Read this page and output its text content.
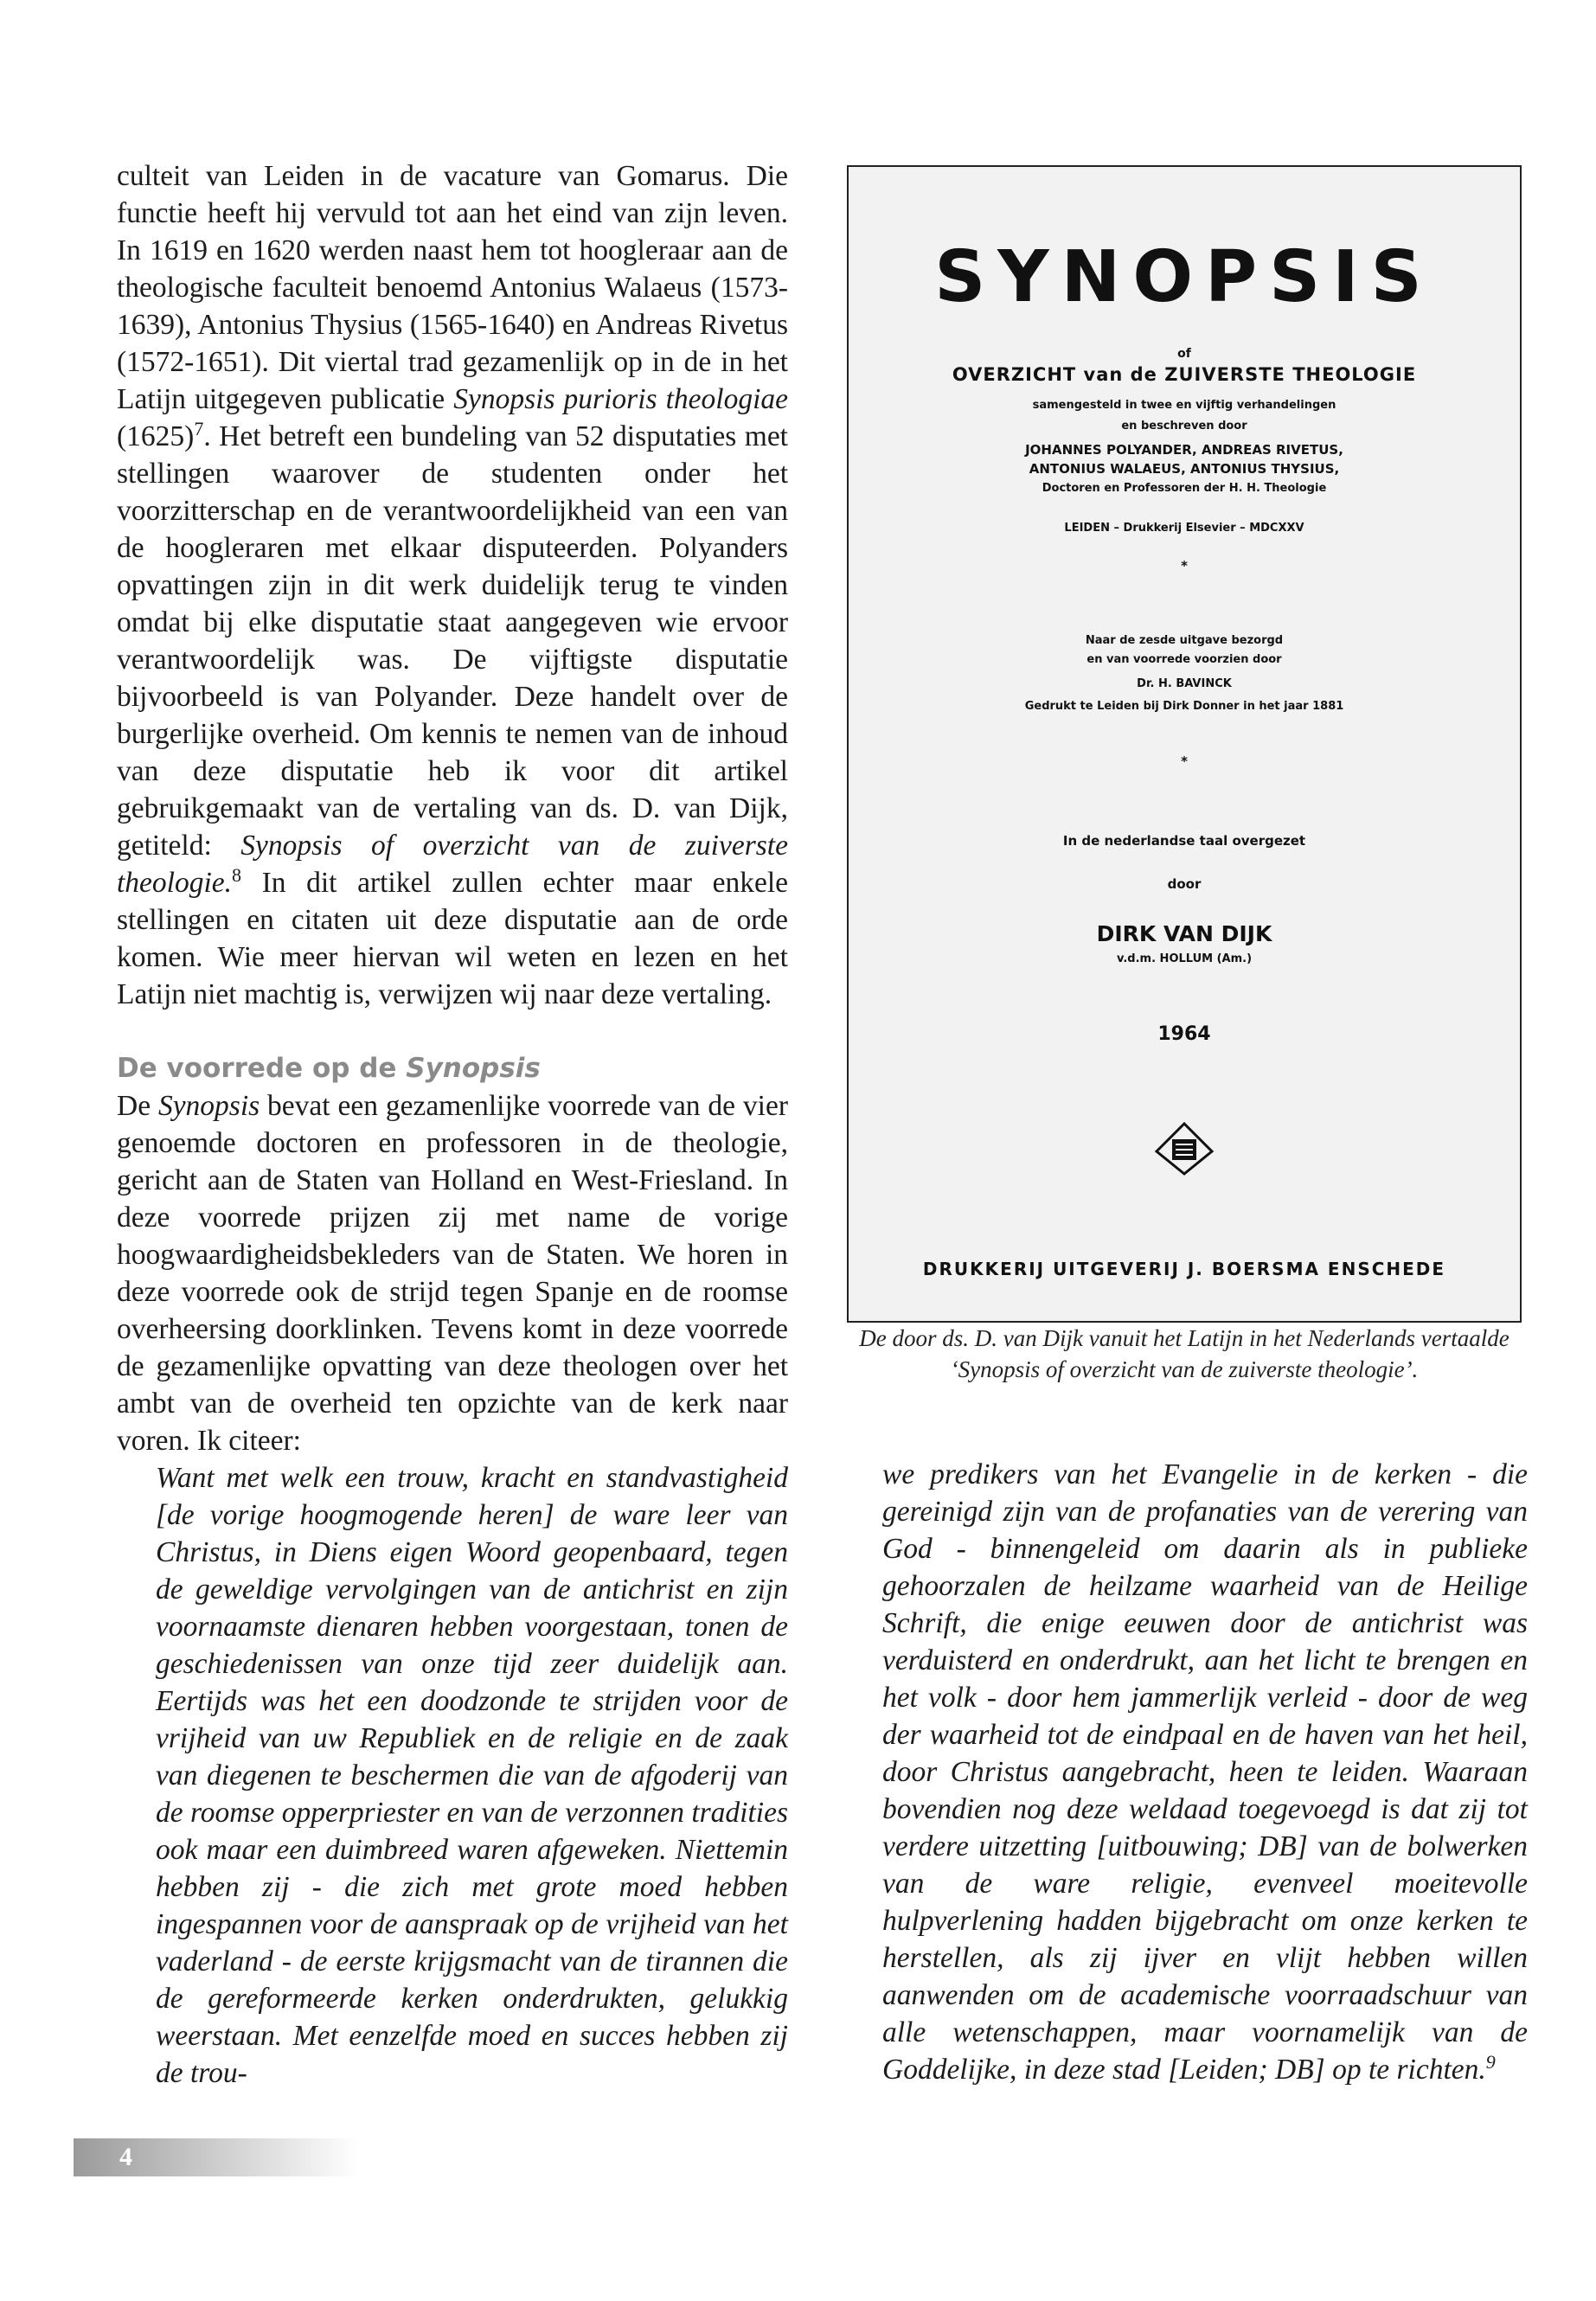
culteit van Leiden in de vacature van Gomarus. Die functie heeft hij vervuld tot aan het eind van zijn leven. In 1619 en 1620 werden naast hem tot hoogleraar aan de theologische faculteit benoemd Antonius Walaeus (1573-1639), Antonius Thysius (1565-1640) en Andreas Rivetus (1572-1651). Dit viertal trad gezamenlijk op in de in het Latijn uitgegeven publicatie Synopsis purioris theologiae $(1625)^7$. Het betreft een bundeling van 52 disputaties met stellingen waarover de studenten onder het voorzitterschap en de verantwoordelijkheid van een van de hoogleraren met elkaar disputeerden. Polyanders opvattingen zijn in dit werk duidelijk terug te vinden omdat bij elke disputatie staat aangegeven wie ervoor verantwoordelijk was. De vijftigste disputatie bijvoorbeeld is van Polyander. Deze handelt over de burgerlijke overheid. Om kennis te nemen van de inhoud van deze disputatie heb ik voor dit artikel gebruikgemaakt van de vertaling van ds. D. van Dijk, getiteld: Synopsis of overzicht van de zuiverste theologie.$^8$ In dit artikel zullen echter maar enkele stellingen en citaten uit deze disputatie aan de orde komen. Wie meer hiervan wil weten en lezen en het Latijn niet machtig is, verwijzen wij naar deze vertaling.

De voorrede op de Synopsis

De Synopsis bevat een gezamenlijke voorrede van de vier genoemde doctoren en professoren in de theologie, gericht aan de Staten van Holland en West-Friesland. In deze voorrede prijzen zij met name de vorige hoogwaardigheidsbekleders van de Staten. We horen in deze voorrede ook de strijd tegen Spanje en de roomse overheersing doorklinken. Tevens komt in deze voorrede de gezamenlijke opvatting van deze theologen over het ambt van de overheid ten opzichte van de kerk naar voren. Ik citeer:

Want met welk een trouw, kracht en standvastigheid [de vorige hoogmogende heren] de ware leer van Christus, in Diens eigen Woord geopenbaard, tegen de geweldige vervolgingen van de antichrist en zijn voornaamste dienaren hebben voorgestaan, tonen de geschiedenissen van onze tijd zeer duidelijk aan. Eertijds was het een doodzonde te strijden voor de vrijheid van uw Republiek en de religie en de zaak van diegenen te beschermen die van de afgoderij van de roomse opperpriester en van de verzonnen tradities ook maar een duimbreed waren afgeweken. Niettemin hebben zij - die zich met grote moed hebben ingespannen voor de aanspraak op de vrijheid van het vaderland - de eerste krijgsmacht van de tirannen die de gereformeerde kerken onderdrukten, gelukkig weerstaan. Met eenzelfde moed en succes hebben zij de trou-

SYNOPSIS
of
OVERZICHT van de ZUIVERSTE THEOLOGIE
samengesteld in twee en vijftig verhandelingen
en beschreven door
JOHANNES POLYANDER, ANDREAS RIVETUS,
ANTONIUS WALAEUS, ANTONIUS THYSIUS,
Doctoren en Professoren der H. H. Theologie
LEIDEN – Drukkerij Elsevier – MDCXXV
*
Naar de zesde uitgave bezorgd
en van voorrede voorzien door
Dr. H. BAVINCK
Gedrukt te Leiden bij Dirk Donner in het jaar 1881
*
In de nederlandse taal overgezet
door
DIRK VAN DIJK
v.d.m. HOLLUM (Am.)
1964
DRUKKERIJ UITGEVERIJ J. BOERSMA ENSCHEDE
De door ds. D. van Dijk vanuit het Latijn in het Nederlands vertaalde ‘Synopsis of overzicht van de zuiverste theologie’.

we predikers van het Evangelie in de kerken - die gereinigd zijn van de profanaties van de verering van God - binnengeleid om daarin als in publieke gehoorzalen de heilzame waarheid van de Heilige Schrift, die enige eeuwen door de antichrist was verduisterd en onderdrukt, aan het licht te brengen en het volk - door hem jammerlijk verleid - door de weg der waarheid tot de eindpaal en de haven van het heil, door Christus aangebracht, heen te leiden. Waaraan bovendien nog deze weldaad toegevoegd is dat zij tot verdere uitzetting [uitbouwing; DB] van de bolwerken van de ware religie, evenveel moeitevolle hulpverlening hadden bijgebracht om onze kerken te herstellen, als zij ijver en vlijt hebben willen aanwenden om de academische voorraadschuur van alle wetenschappen, maar voornamelijk van de Goddelijke, in deze stad [Leiden; DB] op te richten.$^9$

4
